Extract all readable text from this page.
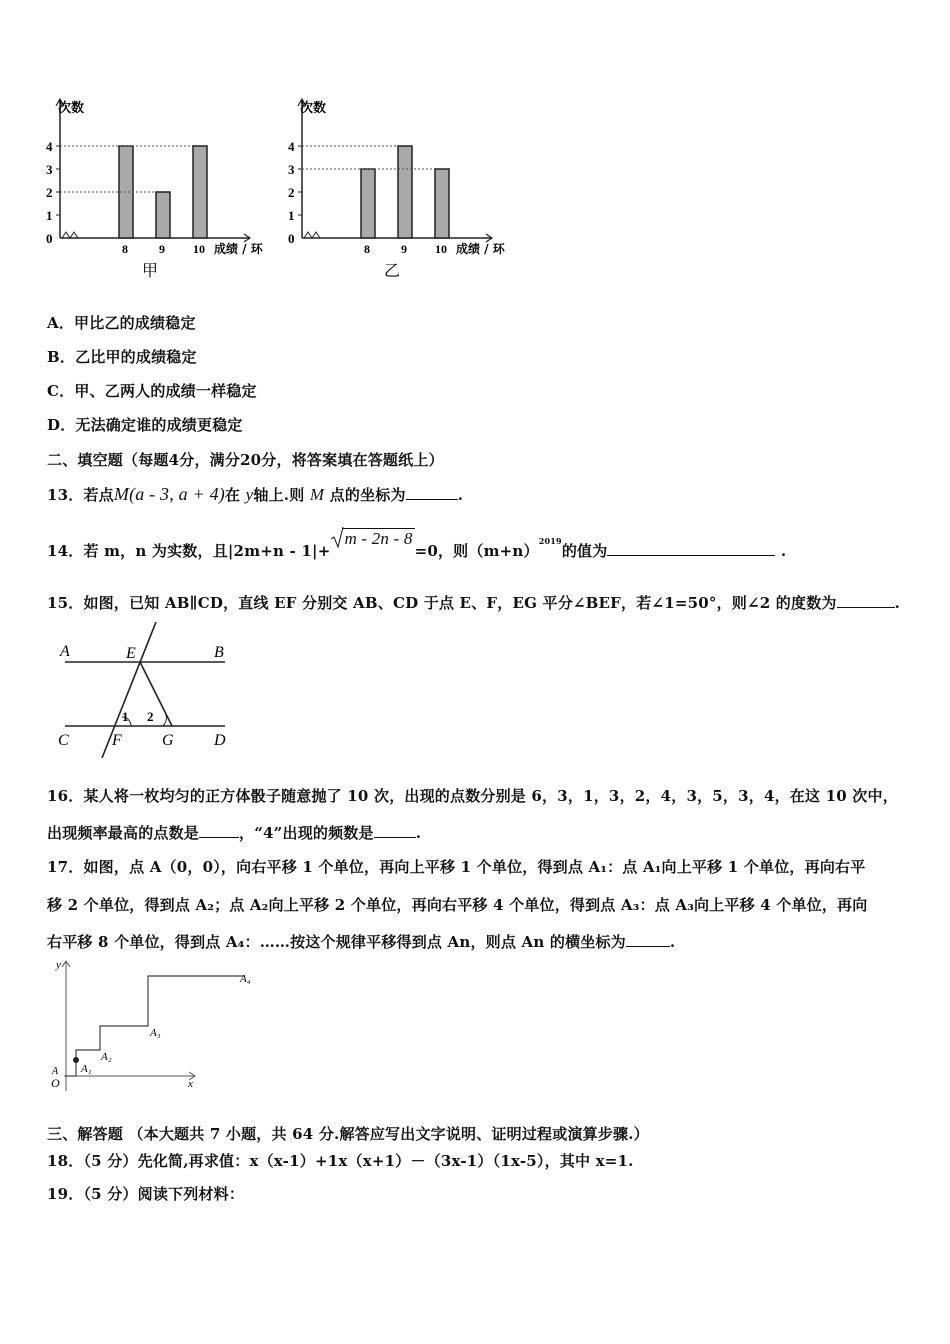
0
1
2
3
4
8	9 10
次数
成绩 / 环
甲
0
1
2
3
4
8	9 10
次数
成绩 / 环
乙
A．甲比乙的成绩稳定
B．乙比甲的成绩稳定
C．甲、乙两人的成绩一样稳定
D．无法确定谁的成绩更稳定
二、填空题（每题4分，满分20分，将答案填在答题纸上）
13．若点M(a - 3, a + 4)在 y轴上.则 M 点的坐标为	.
14．若 m，n 为实数，且|2m+n - 1|+
m - 2n - 8=0，则$(m+n)^{2019}$的值为	.
15．如图，已知 AB∥CD，直线 EF 分别交 AB、CD 于点 E、F，EG 平分∠BEF，若∠1=50°，则∠2 的度数为	.
A	E	B
C	F	G	D
1 2
16．某人将一枚均匀的正方体骰子随意抛了 10 次，出现的点数分别是 6，3，1，3，2，4，3，5，3，4，在这 10 次中，
出现频率最高的点数是	，“4”出现的频数是	.
17．如图，点 A（0，0），向右平移 1 个单位，再向上平移 1 个单位，得到点 A₁：点 A₁向上平移 1 个单位，再向右平
移 2 个单位，得到点 A₂；点 A₂向上平移 2 个单位，再向右平移 4 个单位，得到点 A₃：点 A₃向上平移 4 个单位，再向
右平移 8 个单位，得到点 A₄：……按这个规律平移得到点 An，则点 An 的横坐标为	.
y
x
O
A A₁
A₂
A₃
A₄
三、解答题 （本大题共 7 小题，共 64 分.解答应写出文字说明、证明过程或演算步骤.）
18．（5 分）先化简,再求值：x（x-1）+1x（x+1）－（3x-1）（1x-5），其中 x=1.
19．（5 分）阅读下列材料：
